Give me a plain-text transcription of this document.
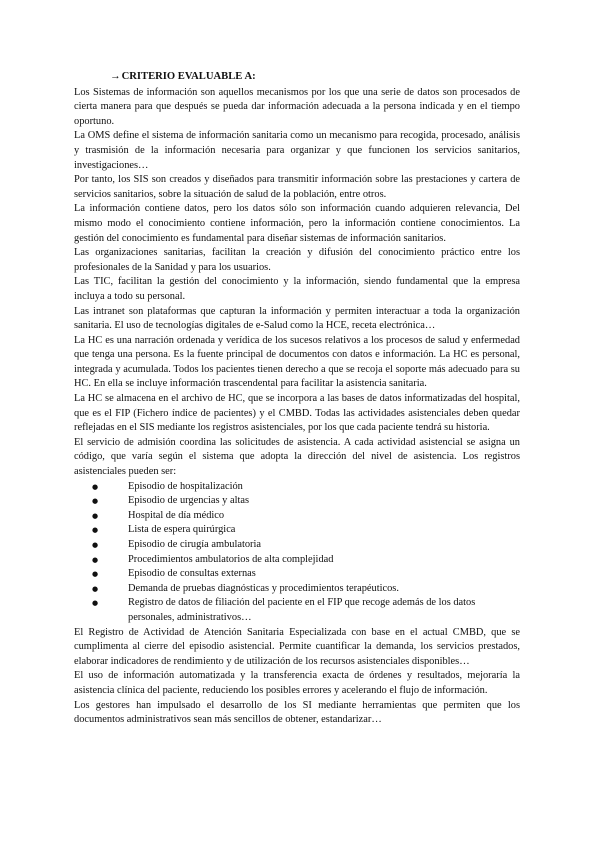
→CRITERIO EVALUABLE A:

Los Sistemas de información son aquellos mecanismos por los que una serie de datos son procesados de cierta manera para que después se pueda dar información adecuada a la persona indicada y en el tiempo oportuno.

La OMS define el sistema de información sanitaria como un mecanismo para recogida, procesado, análisis y trasmisión de la información necesaria para organizar y que funcionen los servicios sanitarios, investigaciones…

Por tanto, los SIS son creados y diseñados para transmitir información sobre las prestaciones y cartera de servicios sanitarios, sobre la situación de salud de la población, entre otros.

La información contiene datos, pero los datos sólo son información cuando adquieren relevancia, Del mismo modo el conocimiento contiene información, pero la información contiene conocimientos. La gestión del conocimiento es fundamental para diseñar sistemas de información sanitarios.

Las organizaciones sanitarias, facilitan la creación y difusión del conocimiento práctico entre los profesionales de la Sanidad y para los usuarios.

Las TIC, facilitan la gestión del conocimiento y la información, siendo fundamental que la empresa incluya a todo su personal.

Las intranet son plataformas que capturan la información y permiten interactuar a toda la organización sanitaria. El uso de tecnologías digitales de e-Salud como la HCE, receta electrónica…

La HC es una narración ordenada y verídica de los sucesos relativos a los procesos de salud y enfermedad que tenga una persona. Es la fuente principal de documentos con datos e información. La HC es personal, integrada y acumulada. Todos los pacientes tienen derecho a que se recoja el soporte más adecuado para su HC. En ella se incluye información trascendental para facilitar la asistencia sanitaria.

La HC se almacena en el archivo de HC, que se incorpora a las bases de datos informatizadas del hospital, que es el FIP (Fichero índice de pacientes) y el CMBD. Todas las actividades asistenciales deben quedar reflejadas en el SIS mediante los registros asistenciales, por los que cada paciente tendrá su historia.

El servicio de admisión coordina las solicitudes de asistencia. A cada actividad asistencial se asigna un código, que varía según el sistema que adopta la dirección del nivel de asistencia. Los registros asistenciales pueden ser:

● Episodio de hospitalización
● Episodio de urgencias y altas
● Hospital de día médico
● Lista de espera quirúrgica
● Episodio de cirugía ambulatoria
● Procedimientos ambulatorios de alta complejidad
● Episodio de consultas externas
● Demanda de pruebas diagnósticas y procedimientos terapéuticos.
● Registro de datos de filiación del paciente en el FIP que recoge además de los datos personales, administrativos…

El Registro de Actividad de Atención Sanitaria Especializada con base en el actual CMBD, que se cumplimenta al cierre del episodio asistencial. Permite cuantificar la demanda, los servicios prestados, elaborar indicadores de rendimiento y de utilización de los recursos asistenciales disponibles…

El uso de información automatizada y la transferencia exacta de órdenes y resultados, mejoraría la asistencia clínica del paciente, reduciendo los posibles errores y acelerando el flujo de información.

Los gestores han impulsado el desarrollo de los SI mediante herramientas que permiten que los documentos administrativos sean más sencillos de obtener, estandarizar…
